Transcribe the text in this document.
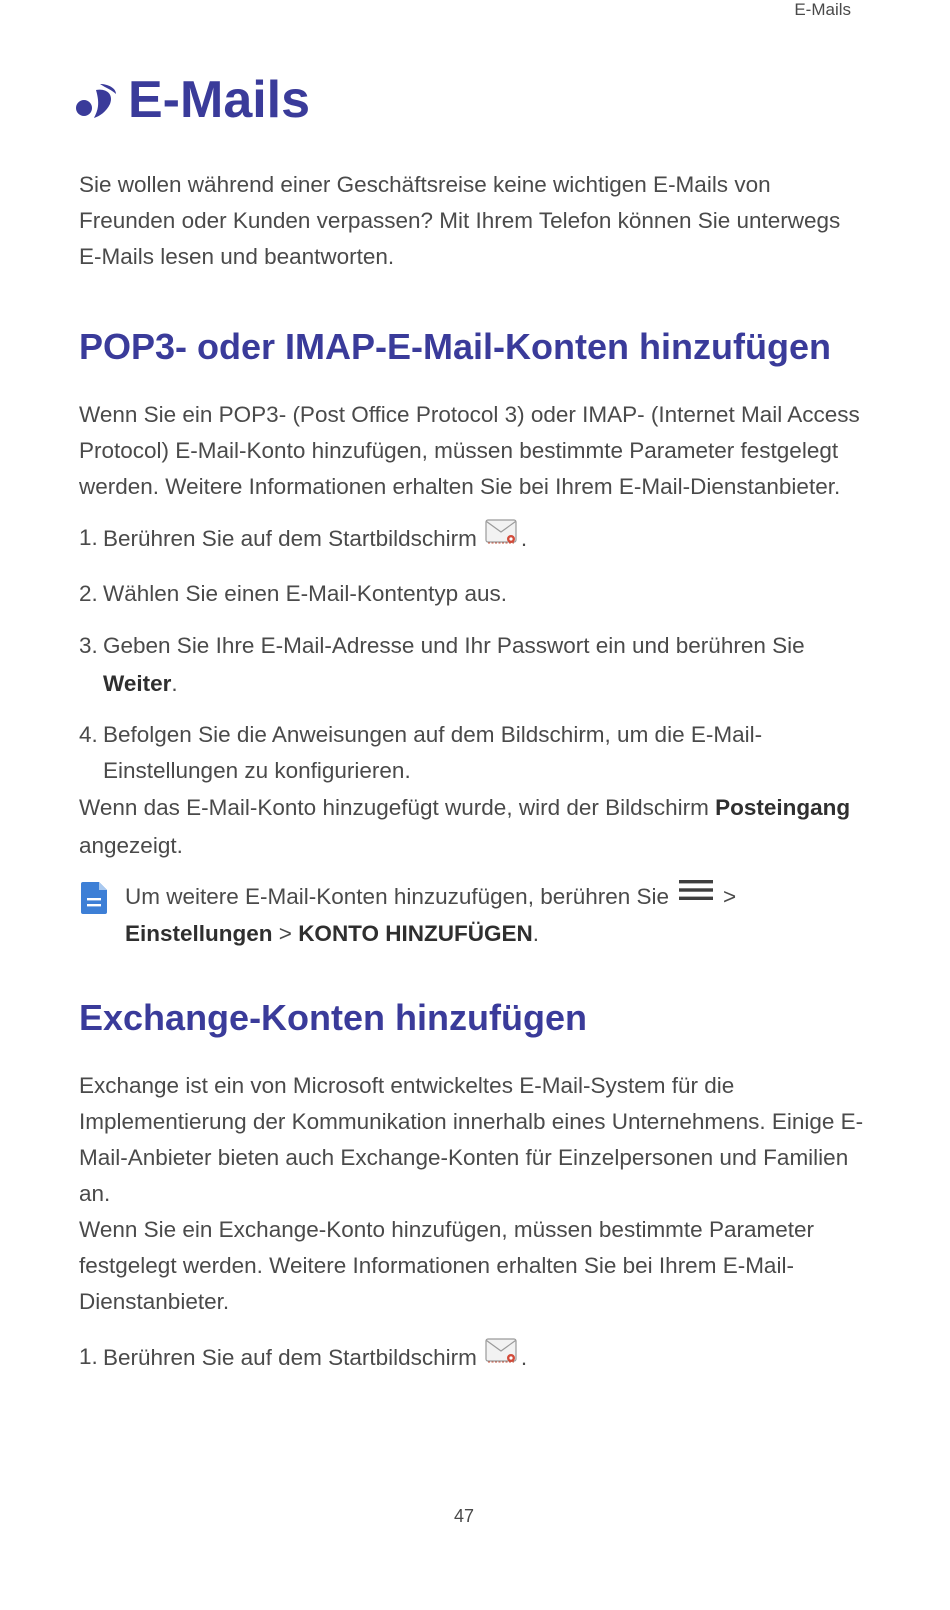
E-Mails
E-Mails

Sie wollen während einer Geschäftsreise keine wichtigen E-Mails von Freunden oder Kunden verpassen? Mit Ihrem Telefon können Sie unterwegs E-Mails lesen und beantworten.

POP3- oder IMAP-E-Mail-Konten hinzufügen

Wenn Sie ein POP3- (Post Office Protocol 3) oder IMAP- (Internet Mail Access Protocol) E-Mail-Konto hinzufügen, müssen bestimmte Parameter festgelegt werden. Weitere Informationen erhalten Sie bei Ihrem E-Mail-Dienstanbieter.

1. Berühren Sie auf dem Startbildschirm .
2. Wählen Sie einen E-Mail-Kontentyp aus.
3. Geben Sie Ihre E-Mail-Adresse und Ihr Passwort ein und berühren Sie Weiter.
4. Befolgen Sie die Anweisungen auf dem Bildschirm, um die E-Mail-Einstellungen zu konfigurieren.

Wenn das E-Mail-Konto hinzugefügt wurde, wird der Bildschirm Posteingang angezeigt.

Um weitere E-Mail-Konten hinzuzufügen, berühren Sie >
Einstellungen > KONTO HINZUFÜGEN.
Exchange-Konten hinzufügen

Exchange ist ein von Microsoft entwickeltes E-Mail-System für die Implementierung der Kommunikation innerhalb eines Unternehmens. Einige E-Mail-Anbieter bieten auch Exchange-Konten für Einzelpersonen und Familien an.

Wenn Sie ein Exchange-Konto hinzufügen, müssen bestimmte Parameter festgelegt werden. Weitere Informationen erhalten Sie bei Ihrem E-Mail-Dienstanbieter.

1. Berühren Sie auf dem Startbildschirm .
47
